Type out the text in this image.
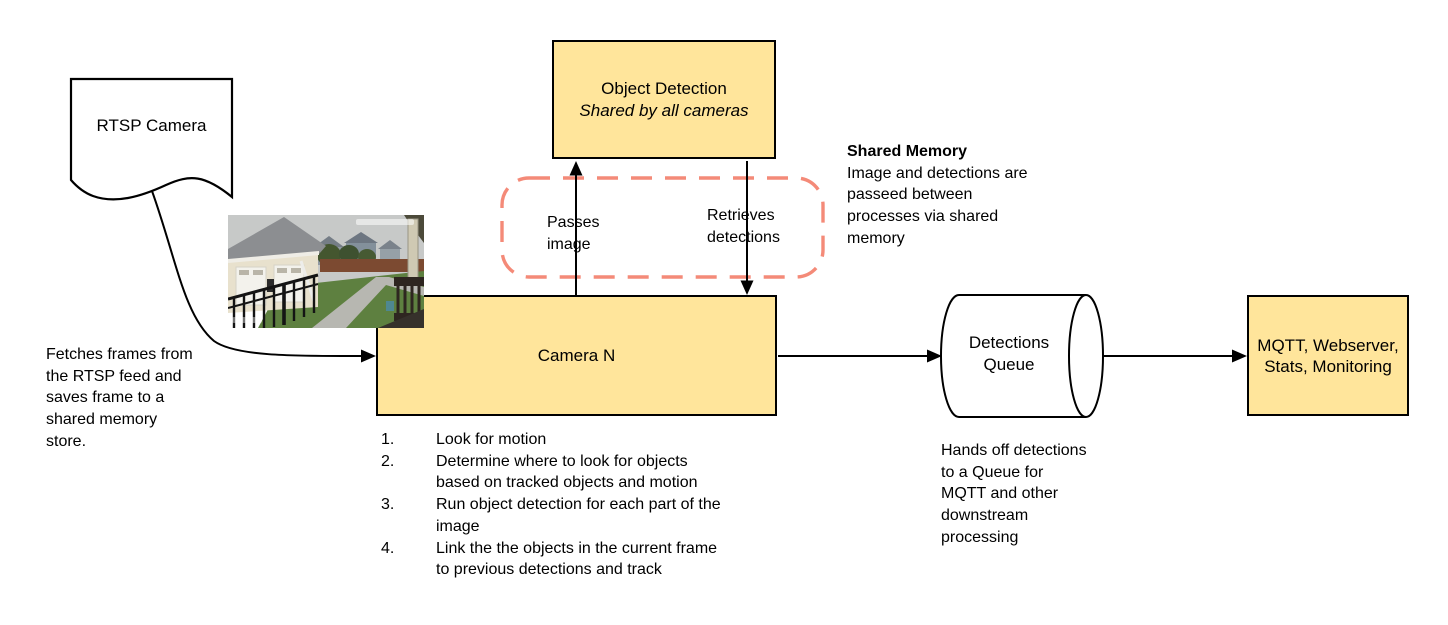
RTSP Camera
Object Detection
Shared by all cameras
Camera N
MQTT, Webserver,
Stats, Monitoring
Detections
Queue
Passes
image
Retrieves
detections
Shared Memory
Image and detections are
passeed between
processes via shared
memory
Fetches frames from
the RTSP feed and
saves frame to a
shared memory
store.
Hands off detections
to a Queue for
MQTT and other
downstream
processing
1.	Look for motion
2.	Determine where to look for objects
based on tracked objects and motion
3.	Run object detection for each part of the
image
4.	Link the the objects in the current frame
to previous detections and track
